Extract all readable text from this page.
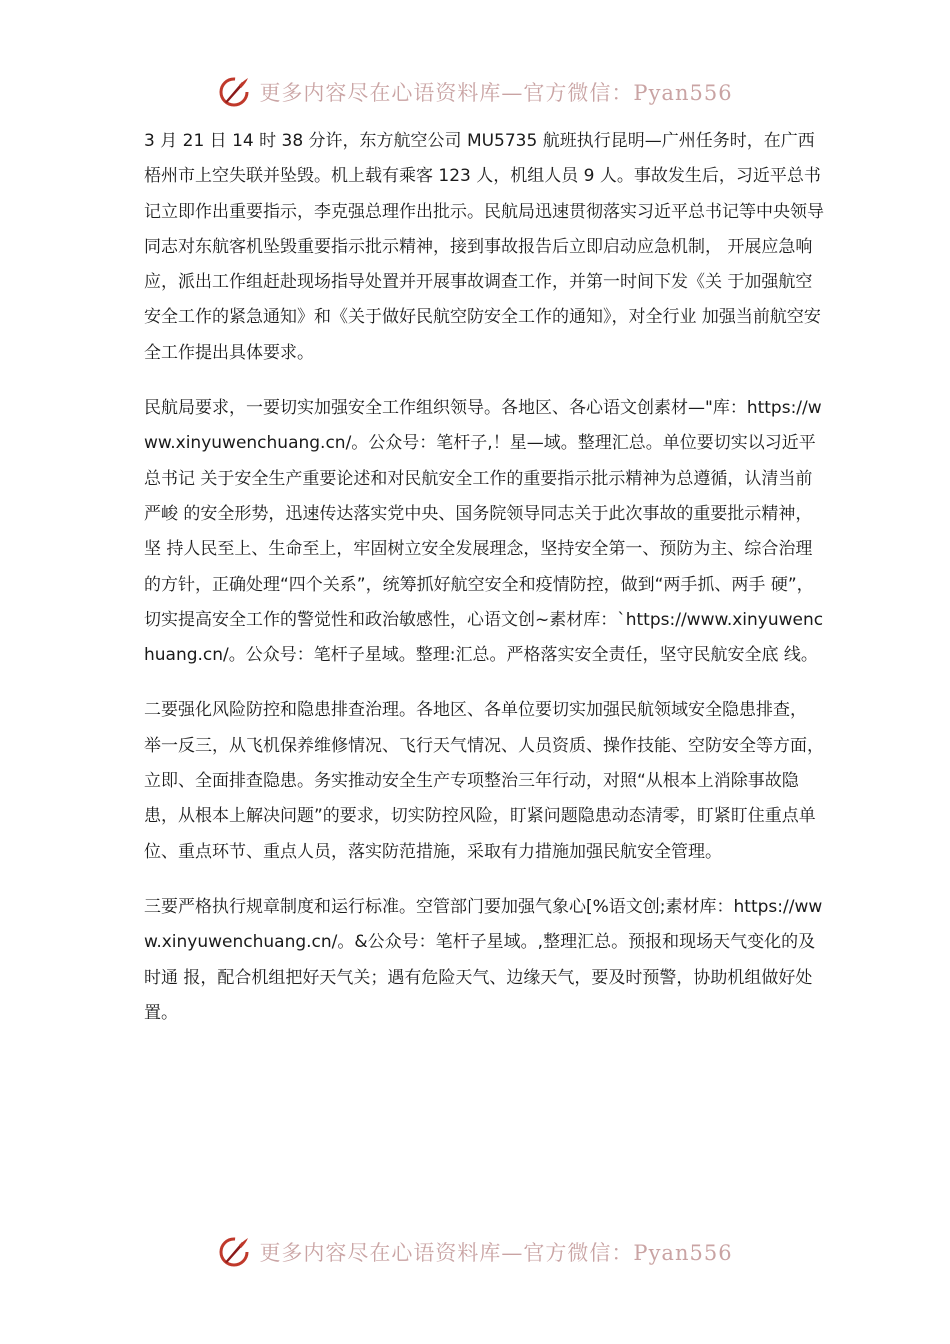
更多内容尽在心语资料库—官方微信：Pyan556

3 月 21 日 14 时 38 分许，东方航空公司 MU5735 航班执行昆明—广州任务时，在广西梧州市上空失联并坠毁。机上载有乘客 123 人，机组人员 9 人。事故发生后，习近平总书记立即作出重要指示，李克强总理作出批示。民航局迅速贯彻落实习近平总书记等中央领导同志对东航客机坠毁重要指示批示精神，接到事故报告后立即启动应急机制， 开展应急响应，派出工作组赶赴现场指导处置并开展事故调查工作，并第一时间下发《关 于加强航空安全工作的紧急通知》和《关于做好民航空防安全工作的通知》，对全行业 加强当前航空安全工作提出具体要求。

民航局要求，一要切实加强安全工作组织领导。各地区、各心语文创素材—"库：https://www.xinyuwenchuang.cn/。公众号：笔杆子,！星—域。整理汇总。单位要切实以习近平总书记 关于安全生产重要论述和对民航安全工作的重要指示批示精神为总遵循，认清当前严峻 的安全形势，迅速传达落实党中央、国务院领导同志关于此次事故的重要批示精神，坚 持人民至上、生命至上，牢固树立安全发展理念，坚持安全第一、预防为主、综合治理 的方针，正确处理“四个关系”，统筹抓好航空安全和疫情防控，做到“两手抓、两手 硬”，切实提高安全工作的警觉性和政治敏感性，心语文创~素材库：`https://www.xinyuwenchuang.cn/。公众号：笔杆子星域。整理:汇总。严格落实安全责任，坚守民航安全底 线。

二要强化风险防控和隐患排查治理。各地区、各单位要切实加强民航领域安全隐患排查， 举一反三，从飞机保养维修情况、飞行天气情况、人员资质、操作技能、空防安全等方面，立即、全面排查隐患。务实推动安全生产专项整治三年行动，对照“从根本上消除事故隐患，从根本上解决问题”的要求，切实防控风险，盯紧问题隐患动态清零，盯紧盯住重点单位、重点环节、重点人员，落实防范措施，采取有力措施加强民航安全管理。

三要严格执行规章制度和运行标准。空管部门要加强气象心[%语文创;素材库：https://www.xinyuwenchuang.cn/。&公众号：笔杆子星域。,整理汇总。预报和现场天气变化的及时通 报，配合机组把好天气关；遇有危险天气、边缘天气，要及时预警，协助机组做好处置。

更多内容尽在心语资料库—官方微信：Pyan556
